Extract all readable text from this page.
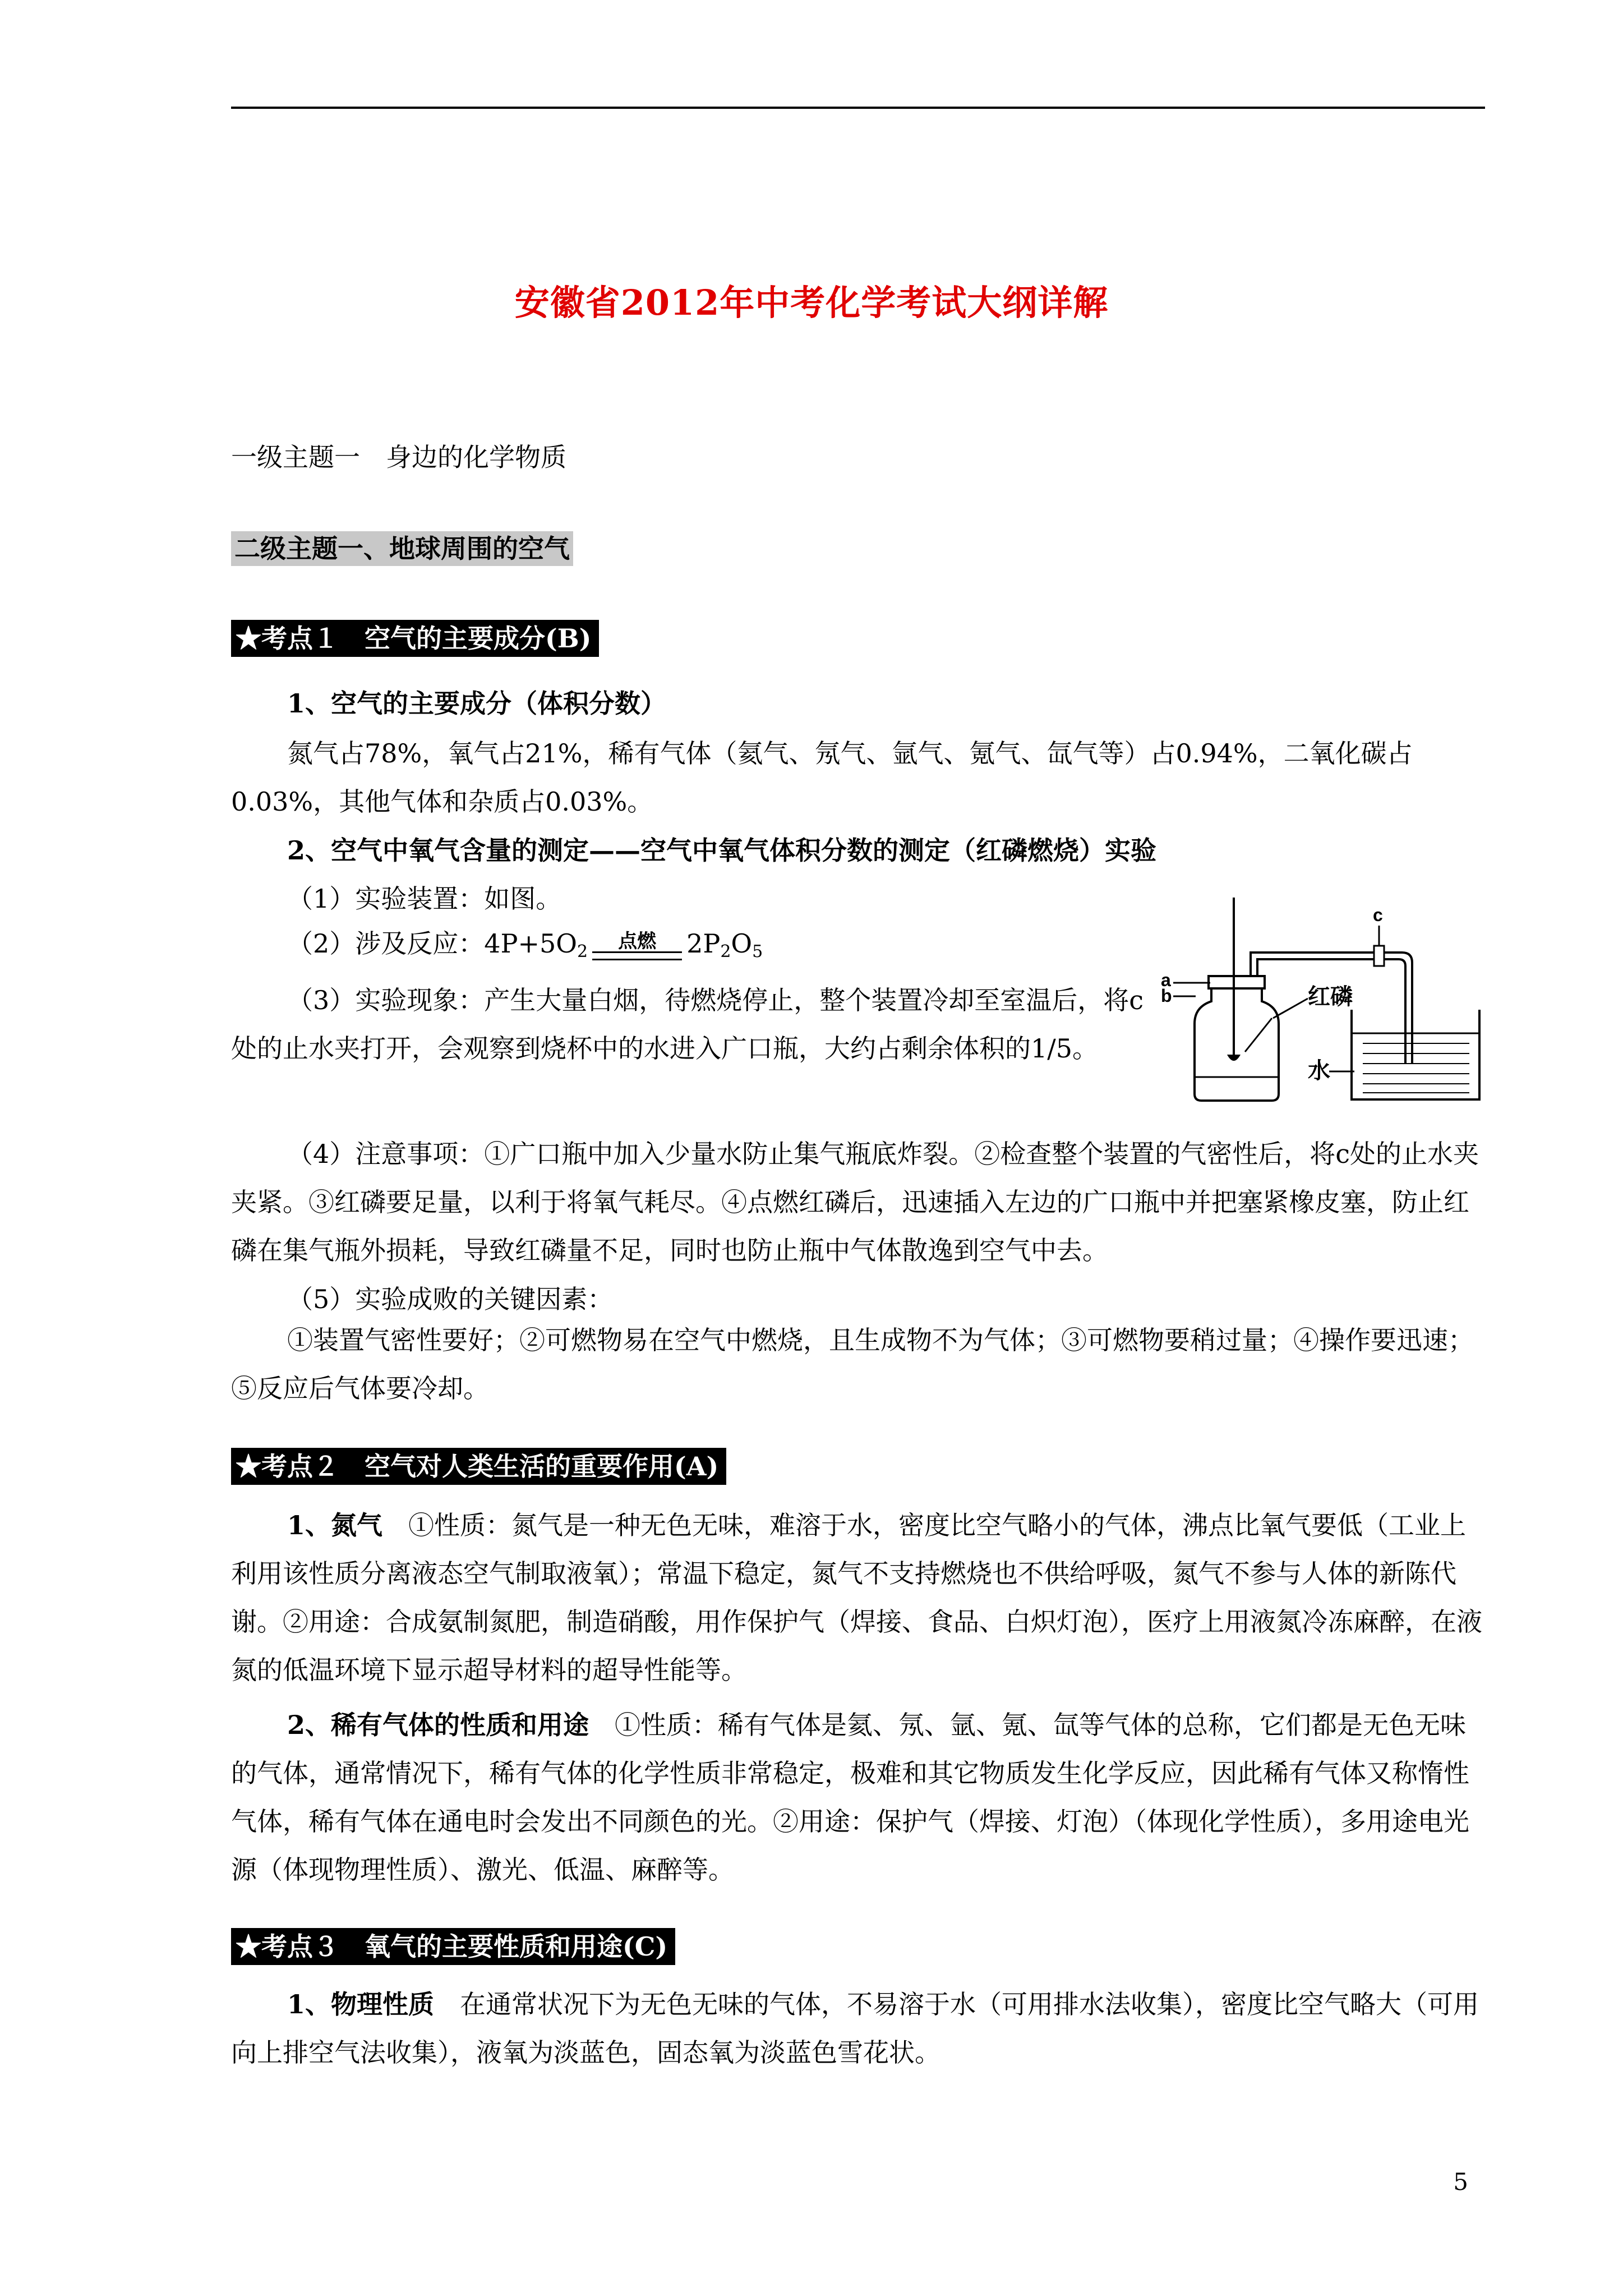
安徽省2012年中考化学考试大纲详解
一级主题一　身边的化学物质
二级主题一、地球周围的空气
★考点１　空气的主要成分(B)
1、空气的主要成分（体积分数）
氮气占78%，氧气占21%，稀有气体（氦气、氖气、氩气、氪气、氙气等）占0.94%，二氧化碳占0.03%，其他气体和杂质占0.03%。
2、空气中氧气含量的测定——空气中氧气体积分数的测定（红磷燃烧）实验
（1）实验装置：如图。
（2）涉及反应：$4P+5O_2$	点燃	$2P_2O_5$
（3）实验现象：产生大量白烟，待燃烧停止，整个装置冷却至室温后，将c处的止水夹打开，会观察到烧杯中的水进入广口瓶，大约占剩余体积的1/5。
a
b
c
红磷
水
（4）注意事项：①广口瓶中加入少量水防止集气瓶底炸裂。②检查整个装置的气密性后，将c处的止水夹夹紧。③红磷要足量，以利于将氧气耗尽。④点燃红磷后，迅速插入左边的广口瓶中并把塞紧橡皮塞，防止红磷在集气瓶外损耗，导致红磷量不足，同时也防止瓶中气体散逸到空气中去。
（5）实验成败的关键因素：
①装置气密性要好；②可燃物易在空气中燃烧，且生成物不为气体；③可燃物要稍过量；④操作要迅速；⑤反应后气体要冷却。
★考点２　空气对人类生活的重要作用(A)
1、氮气　 ①性质：氮气是一种无色无味，难溶于水，密度比空气略小的气体，沸点比氧气要低（工业上利用该性质分离液态空气制取液氧）；常温下稳定，氮气不支持燃烧也不供给呼吸，氮气不参与人体的新陈代谢。②用途：合成氨制氮肥，制造硝酸，用作保护气（焊接、食品、白炽灯泡），医疗上用液氮冷冻麻醉，在液氮的低温环境下显示超导材料的超导性能等。
2、稀有气体的性质和用途　 ①性质：稀有气体是氦、氖、氩、氪、氙等气体的总称，它们都是无色无味的气体，通常情况下，稀有气体的化学性质非常稳定，极难和其它物质发生化学反应，因此稀有气体又称惰性气体，稀有气体在通电时会发出不同颜色的光。②用途：保护气（焊接、灯泡）（体现化学性质），多用途电光源（体现物理性质）、激光、低温、麻醉等。
★考点３　氧气的主要性质和用途(C)
1、物理性质　 在通常状况下为无色无味的气体，不易溶于水（可用排水法收集），密度比空气略大（可用向上排空气法收集），液氧为淡蓝色，固态氧为淡蓝色雪花状。
5
